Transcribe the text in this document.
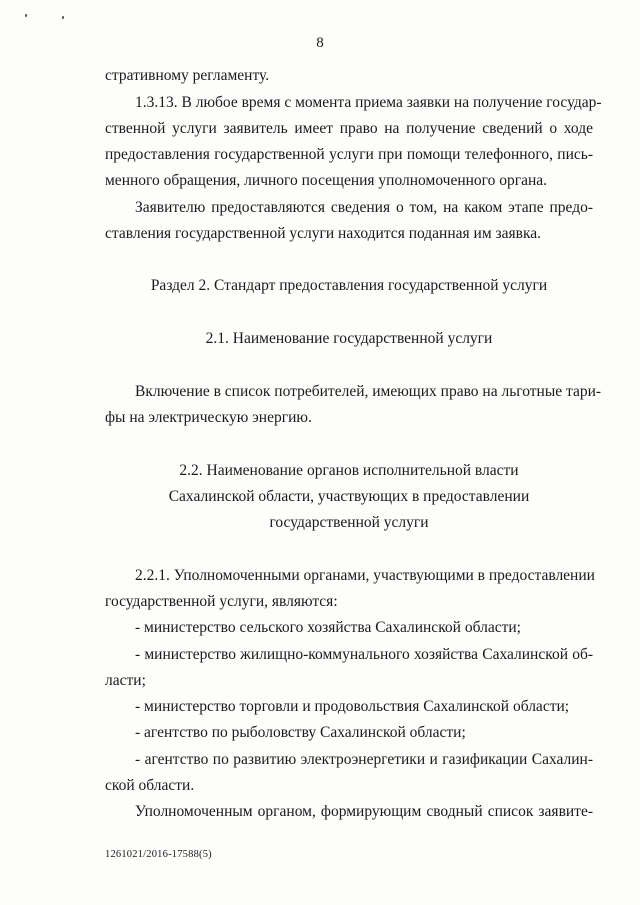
8
стративному регламенту.
1.3.13. В любое время с момента приема заявки на получение государ-
ственной услуги заявитель имеет право на получение сведений о ходе
предоставления государственной услуги при помощи телефонного, пись-
менного обращения, личного посещения уполномоченного органа.
Заявителю предоставляются сведения о том, на каком этапе предо-
ставления государственной услуги находится поданная им заявка.
Раздел 2. Стандарт предоставления государственной услуги
2.1. Наименование государственной услуги
Включение в список потребителей, имеющих право на льготные тари-
фы на электрическую энергию.
2.2. Наименование органов исполнительной власти
Сахалинской области, участвующих в предоставлении
государственной услуги
2.2.1. Уполномоченными органами, участвующими в предоставлении
государственной услуги, являются:
- министерство сельского хозяйства Сахалинской области;
- министерство жилищно-коммунального хозяйства Сахалинской об-
ласти;
- министерство торговли и продовольствия Сахалинской области;
- агентство по рыболовству Сахалинской области;
- агентство по развитию электроэнергетики и газификации Сахалин-
ской области.
Уполномоченным органом, формирующим сводный список заявите-
1261021/2016-17588(5)
